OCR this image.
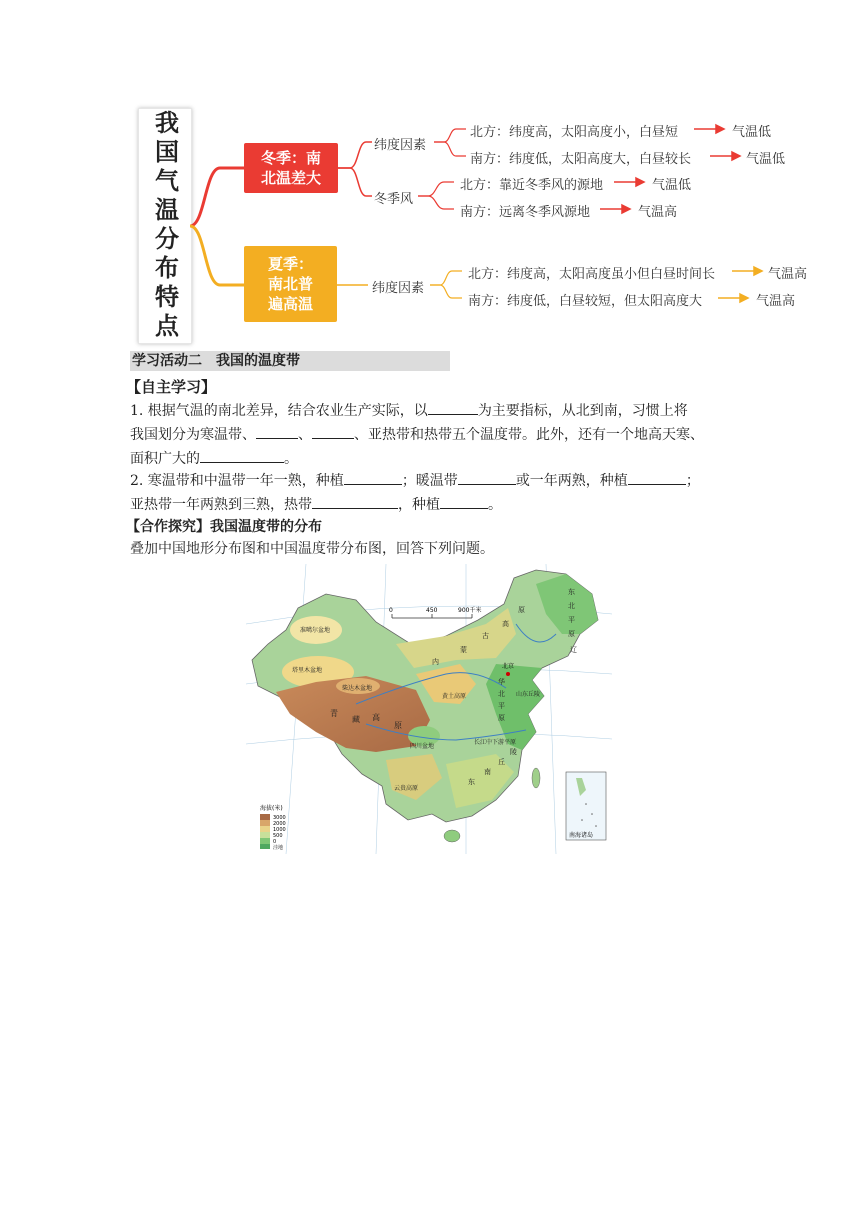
我国气温分布特点	冬季：南
北温差大
夏季：
南北普
遍高温
纬度因素
北方：纬度高，太阳高度小，白昼短	气温低
南方：纬度低，太阳高度大，白昼较长	气温低
冬季风
北方：靠近冬季风的源地	气温低
南方：远离冬季风源地	气温高
纬度因素
北方：纬度高，太阳高度虽小但白昼时间长	气温高
南方：纬度低，白昼较短，但太阳高度大	气温高
学习活动二　我国的温度带
【自主学习】
1. 根据气温的南北差异，结合农业生产实际，以	为主要指标，从北到南，习惯上将
我国划分为寒温带、	、	、亚热带和热带五个温度带。此外，还有一个地高天寒、
面积广大的	。
2. 寒温带和中温带一年一熟，种植	；暖温带	或一年两熟，种植	；
亚热带一年两熟到三熟，热带	，种植	。
【合作探究】我国温度带的分布
叠加中国地形分布图和中国温度带分布图，回答下列问题。
0	450	900千米
准噶尔盆地
塔里木盆地
柴达木盆地
青
藏 高
原
内
蒙
古
高
原
黄土高原
四川盆地
云贵高原
东
南
丘
陵
东
北
平
原
华
北
平
原
长江中下游平原
山东丘陵
辽
北京
海拔(米)
3000
2000
1000
500
0
洼地
南海诸岛
